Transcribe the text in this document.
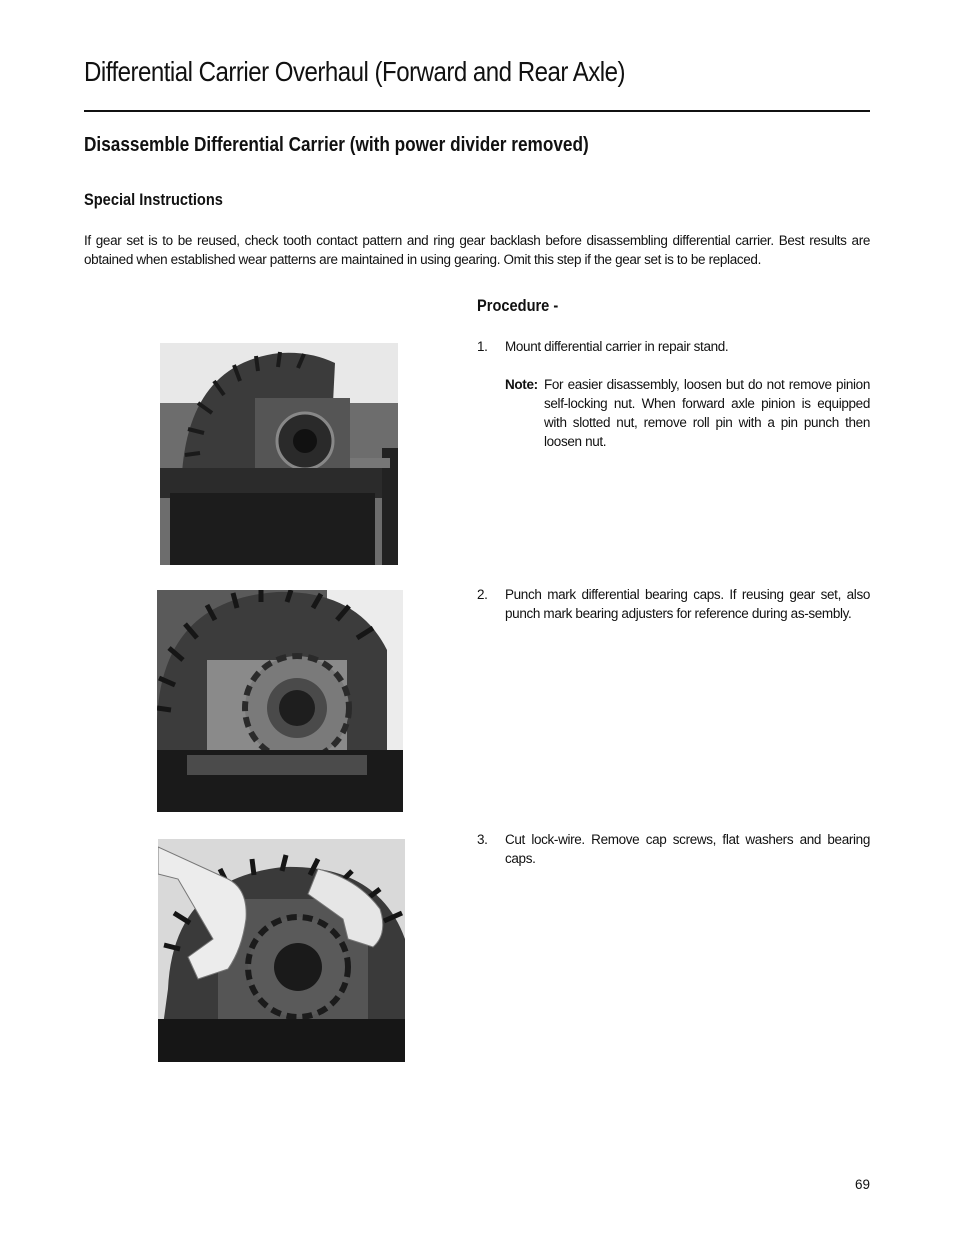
Differential Carrier Overhaul (Forward and Rear Axle)
Disassemble Differential Carrier (with power divider removed)
Special Instructions

If gear set is to be reused, check tooth contact pattern and ring gear backlash before disassembling differential carrier. Best results are obtained when established wear patterns are maintained in using gearing. Omit this step if the gear set is to be replaced.

Procedure -
1. Mount differential carrier in repair stand.
Note: For easier disassembly, loosen but do not remove pinion self-locking nut. When forward axle pinion is equipped with slotted nut, remove roll pin with a pin punch then loosen nut.
2. Punch mark differential bearing caps. If reusing gear set, also punch mark bearing adjusters for reference during as-sembly.
3. Cut lock-wire. Remove cap screws, flat washers and bearing caps.
69
